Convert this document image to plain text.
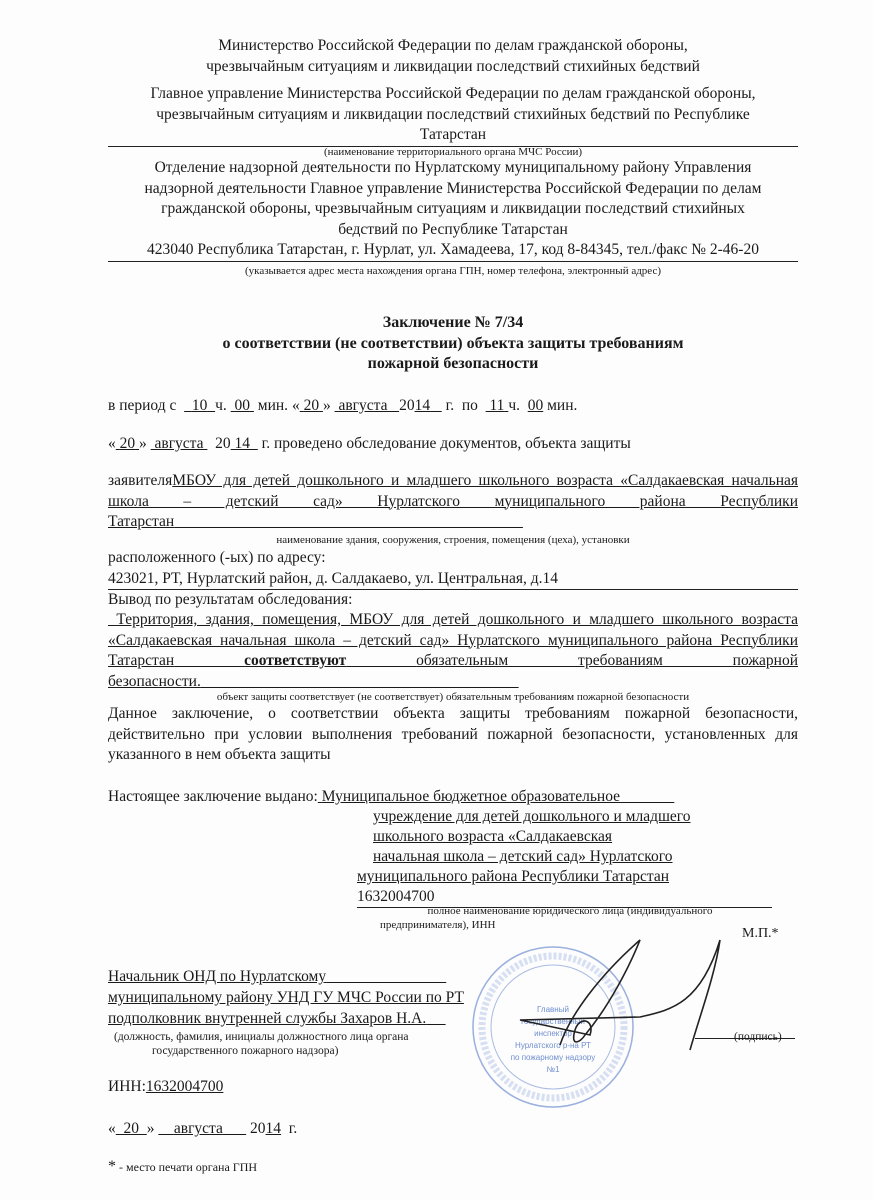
Министерство Российской Федерации по делам гражданской обороны,
чрезвычайным ситуациям и ликвидации последствий стихийных бедствий
Главное управление Министерства Российской Федерации по делам гражданской обороны,
чрезвычайным ситуациям и ликвидации последствий стихийных бедствий по Республике
Татарстан
(наименование территориального органа МЧС России)
Отделение надзорной деятельности по Нурлатскому муниципальному району Управления
надзорной деятельности Главное управление Министерства Российской Федерации по делам
гражданской обороны, чрезвычайным ситуациям и ликвидации последствий стихийных
бедствий по Республике Татарстан
423040 Республика Татарстан, г. Нурлат, ул. Хамадеева, 17, код 8-84345, тел./факс № 2-46-20
(указывается адрес места нахождения органа ГПН, номер телефона, электронный адрес)
Заключение № 7/34
о соответствии (не соответствии) объекта защиты требованиям
пожарной безопасности
в период с 10 ч. 00 мин. « 20 »  августа 2014 г. по 11 ч. 00 мин.
« 20 »  августа   20 14 г. проведено обследование документов, объекта защиты
заявителяМБОУ для детей дошкольного и младшего школьного возраста «Салдакаевская начальная школа – детский сад» Нурлатского муниципального района Республики Татарстан
наименование здания, сооружения, строения, помещения (цеха), установки
расположенного (-ых) по адресу:
423021, РТ, Нурлатский район, д. Салдакаево, ул. Центральная, д.14
Вывод по результатам обследования:
Территория, здания, помещения, МБОУ для детей дошкольного и младшего школьного возраста «Салдакаевская начальная школа – детский сад» Нурлатского муниципального района Республики Татарстан	соответствуют	обязательным требованиям пожарной безопасности.
объект защиты соответствует (не соответствует) обязательным требованиям пожарной безопасности
Данное заключение, о соответствии объекта защиты требованиям пожарной безопасности, действительно при условии выполнения требований пожарной безопасности, установленных для указанного в нем объекта защиты
Настоящее заключение выдано: Муниципальное бюджетное образовательное
учреждение для детей дошкольного и младшего
школьного возраста «Салдакаевская
начальная школа – детский сад» Нурлатского
муниципального района Республики Татарстан
1632004700
полное наименование юридического лица (индивидуального
предпринимателя), ИНН
М.П.*
Главный
государственный
инспектор
Нурлатского р-на РТ
по пожарному надзору
№1
Начальник ОНД по Нурлатскому
муниципальному району УНД ГУ МЧС России по РТ
подполковник внутренней службы Захаров Н.А.

(должность, фамилия, инициалы должностного лица органа
государственного пожарного надзора)
(подпись)
ИНН:1632004700
« 20 »     августа 2014 г.
* - место печати органа ГПН
